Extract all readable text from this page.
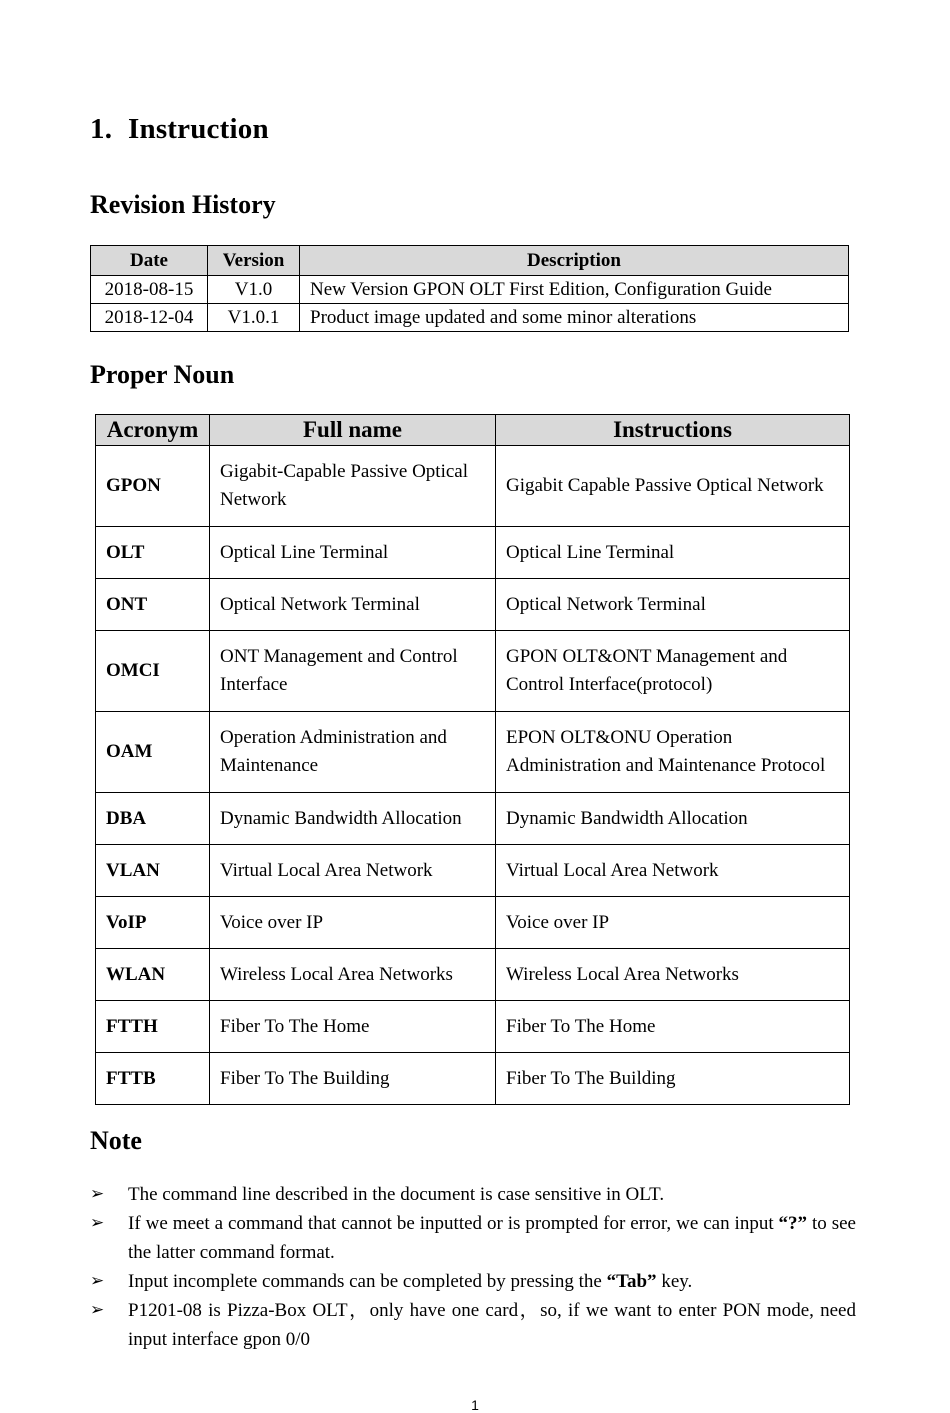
1. Instruction
Revision History
Date	Version	Description
2018-08-15	V1.0	New Version GPON OLT First Edition, Configuration Guide
2018-12-04	V1.0.1	Product image updated and some minor alterations
Proper Noun
Acronym	Full name	Instructions
GPON	Gigabit-Capable Passive Optical Network	Gigabit Capable Passive Optical Network
OLT	Optical Line Terminal	Optical Line Terminal
ONT	Optical Network Terminal	Optical Network Terminal
OMCI	ONT Management and Control Interface	GPON OLT&ONT Management and Control Interface(protocol)
OAM	Operation Administration and Maintenance	EPON OLT&ONU Operation Administration and Maintenance Protocol
DBA	Dynamic Bandwidth Allocation	Dynamic Bandwidth Allocation
VLAN	Virtual Local Area Network	Virtual Local Area Network
VoIP	Voice over IP	Voice over IP
WLAN	Wireless Local Area Networks	Wireless Local Area Networks
FTTH	Fiber To The Home	Fiber To The Home
FTTB	Fiber To The Building	Fiber To The Building
Note
➢	The command line described in the document is case sensitive in OLT.
➢	If we meet a command that cannot be inputted or is prompted for error, we can input “?” to see the latter command format.
➢	Input incomplete commands can be completed by pressing the “Tab” key.
➢	P1201-08 is Pizza-Box OLT，only have one card，so, if we want to enter PON mode, need input interface gpon 0/0
1
